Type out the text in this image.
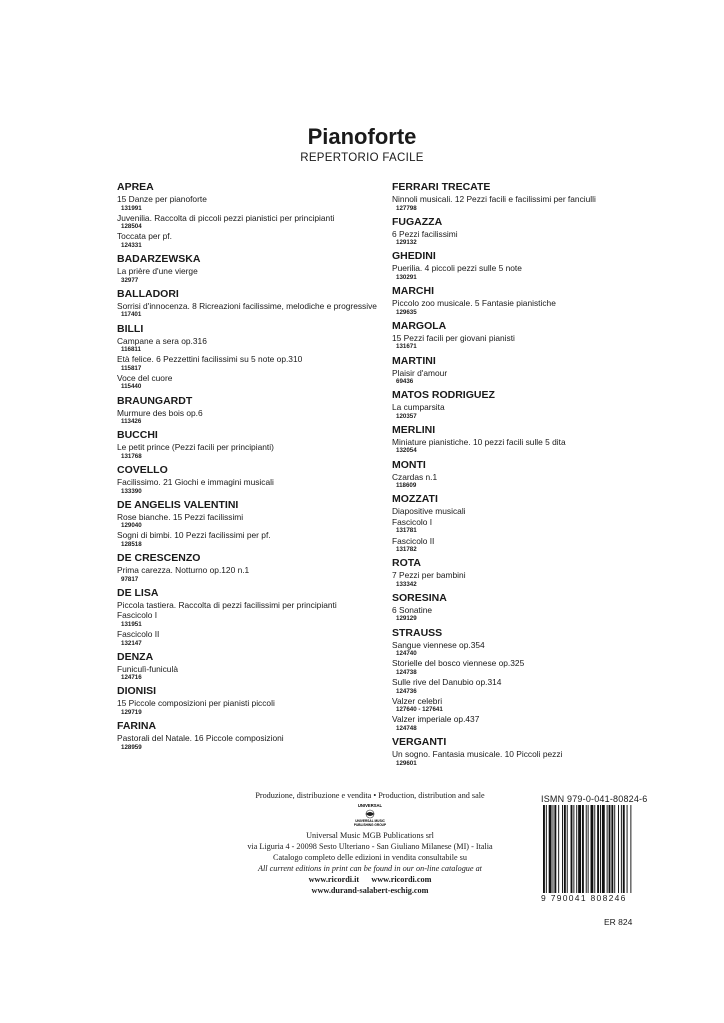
Pianoforte
REPERTORIO FACILE
APREA
15 Danze per pianoforte
131991
Juvenilia. Raccolta di piccoli pezzi pianistici per principianti
128504
Toccata per pf.
124331
BADARZEWSKA
La prière d'une vierge
32977
BALLADORI
Sorrisi d'innocenza. 8 Ricreazioni facilissime, melodiche e progressive
117401
BILLI
Campane a sera op.316
116811
Età felice. 6 Pezzettini facilissimi su 5 note op.310
115817
Voce del cuore
115440
BRAUNGARDT
Murmure des bois op.6
113426
BUCCHI
Le petit prince (Pezzi facili per principianti)
131768
COVELLO
Facilissimo. 21 Giochi e immagini musicali
133390
DE ANGELIS VALENTINI
Rose bianche. 15 Pezzi facilissimi
129040
Sogni di bimbi. 10 Pezzi facilissimi per pf.
128518
DE CRESCENZO
Prima carezza. Notturno op.120 n.1
97817
DE LISA
Piccola tastiera. Raccolta di pezzi facilissimi per principianti
Fascicolo I
131951
Fascicolo II
132147
DENZA
Funiculì-funiculà
124716
DIONISI
15 Piccole composizioni per pianisti piccoli
129719
FARINA
Pastorali del Natale. 16 Piccole composizioni
128959
FERRARI TRECATE
Ninnoli musicali. 12 Pezzi facili e facilissimi per fanciulli
127798
FUGAZZA
6 Pezzi facilissimi
129132
GHEDINI
Puerilia. 4 piccoli pezzi sulle 5 note
130291
MARCHI
Piccolo zoo musicale. 5 Fantasie pianistiche
129635
MARGOLA
15 Pezzi facili per giovani pianisti
131671
MARTINI
Plaisir d'amour
69436
MATOS RODRIGUEZ
La cumparsita
120357
MERLINI
Miniature pianistiche. 10 pezzi facili sulle 5 dita
132054
MONTI
Czardas n.1
118609
MOZZATI
Diapositive musicali
Fascicolo I
131781
Fascicolo II
131782
ROTA
7 Pezzi per bambini
133342
SORESINA
6 Sonatine
129129
STRAUSS
Sangue viennese op.354
124740
Storielle del bosco viennese op.325
124738
Sulle rive del Danubio op.314
124736
Valzer celebri
127640 - 127641
Valzer imperiale op.437
124748
VERGANTI
Un sogno. Fantasia musicale. 10 Piccoli pezzi
129601
Produzione, distribuzione e vendita • Production, distribution and sale
UNIVERSAL
UNIVERSAL MUSIC
PUBLISHING GROUP
Universal Music MGB Publications srl
via Liguria 4 - 20098 Sesto Ulteriano - San Giuliano Milanese (MI) - Italia
Catalogo completo delle edizioni in vendita consultabile su
All current editions in print can be found in our on-line catalogue at
www.ricordi.it www.ricordi.com
www.durand-salabert-eschig.com
ISMN 979-0-041-80824-6
9 790041 808246
ER 824
